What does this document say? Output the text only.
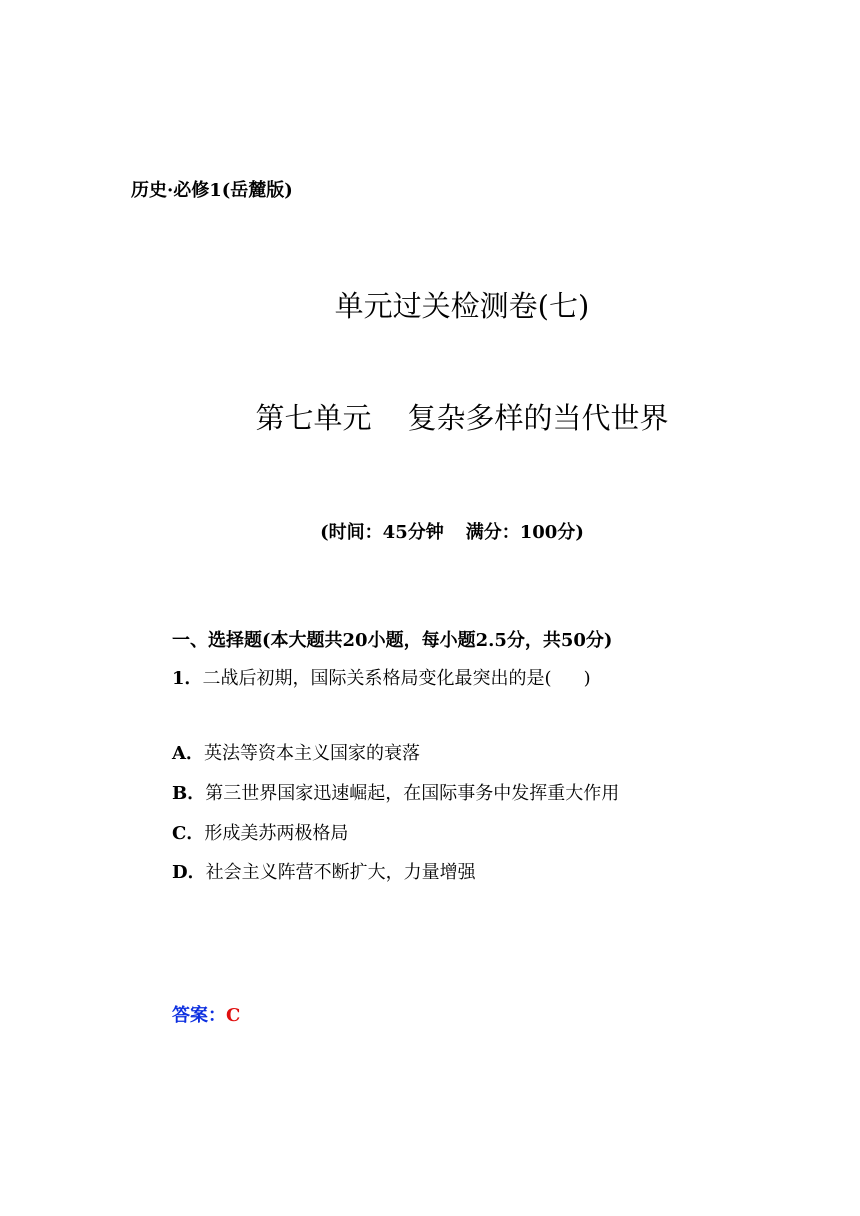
历史·必修1(岳麓版)
单元过关检测卷(七)
第七单元 复杂多样的当代世界
(时间：45分钟 满分：100分)
一、选择题(本大题共20小题，每小题2.5分，共50分)
1．二战后初期，国际关系格局变化最突出的是( )
A．英法等资本主义国家的衰落
B．第三世界国家迅速崛起，在国际事务中发挥重大作用
C．形成美苏两极格局
D．社会主义阵营不断扩大，力量增强
答案：C
